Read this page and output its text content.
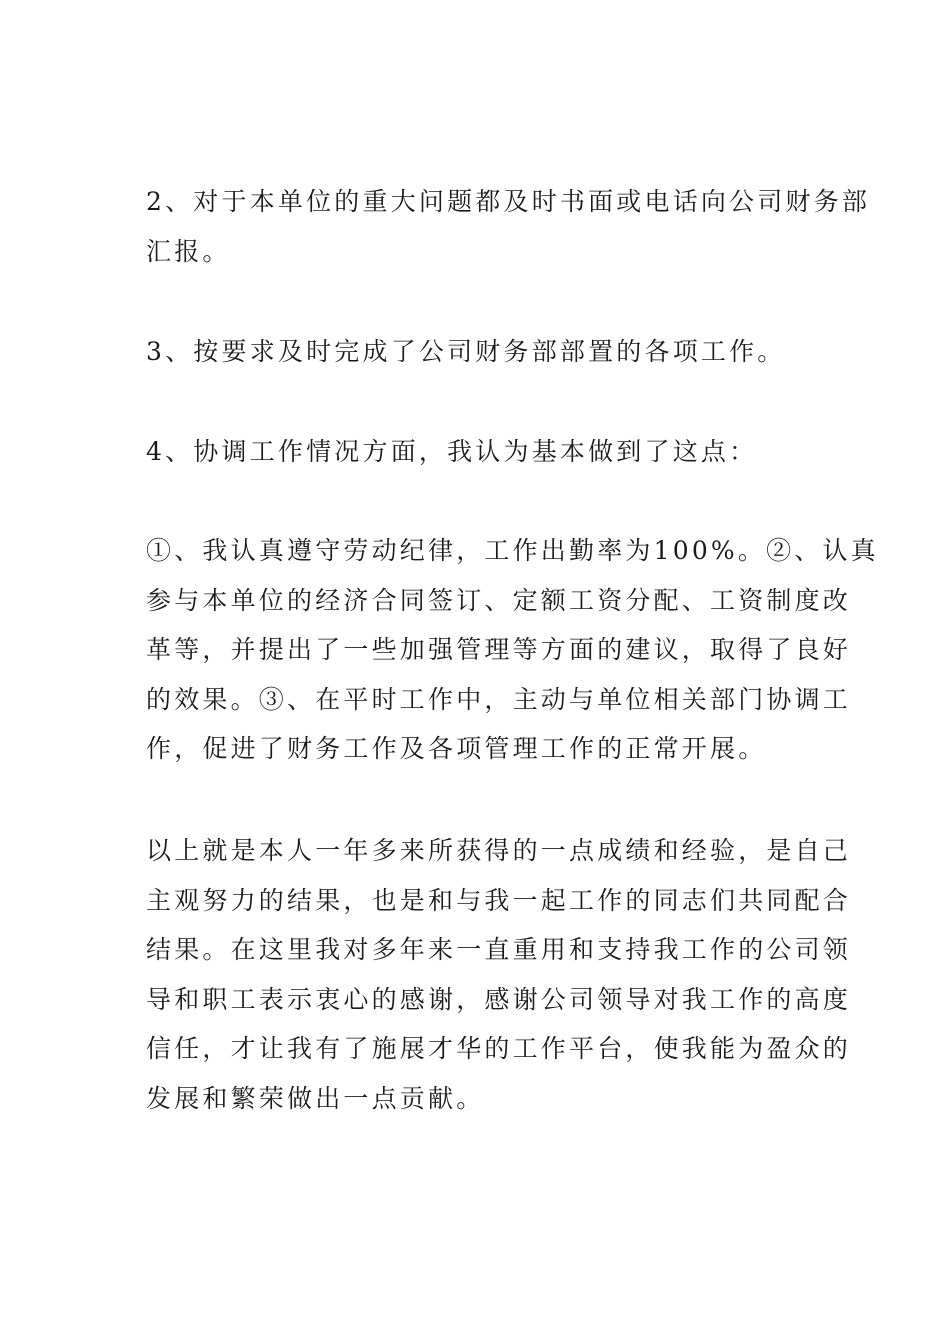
2、对于本单位的重大问题都及时书面或电话向公司财务部
汇报。
3、按要求及时完成了公司财务部部置的各项工作。
4、协调工作情况方面，我认为基本做到了这点：
①、我认真遵守劳动纪律，工作出勤率为100%。②、认真
参与本单位的经济合同签订、定额工资分配、工资制度改
革等，并提出了一些加强管理等方面的建议，取得了良好
的效果。③、在平时工作中，主动与单位相关部门协调工
作，促进了财务工作及各项管理工作的正常开展。
以上就是本人一年多来所获得的一点成绩和经验，是自己
主观努力的结果，也是和与我一起工作的同志们共同配合
结果。在这里我对多年来一直重用和支持我工作的公司领
导和职工表示衷心的感谢，感谢公司领导对我工作的高度
信任，才让我有了施展才华的工作平台，使我能为盈众的
发展和繁荣做出一点贡献。
